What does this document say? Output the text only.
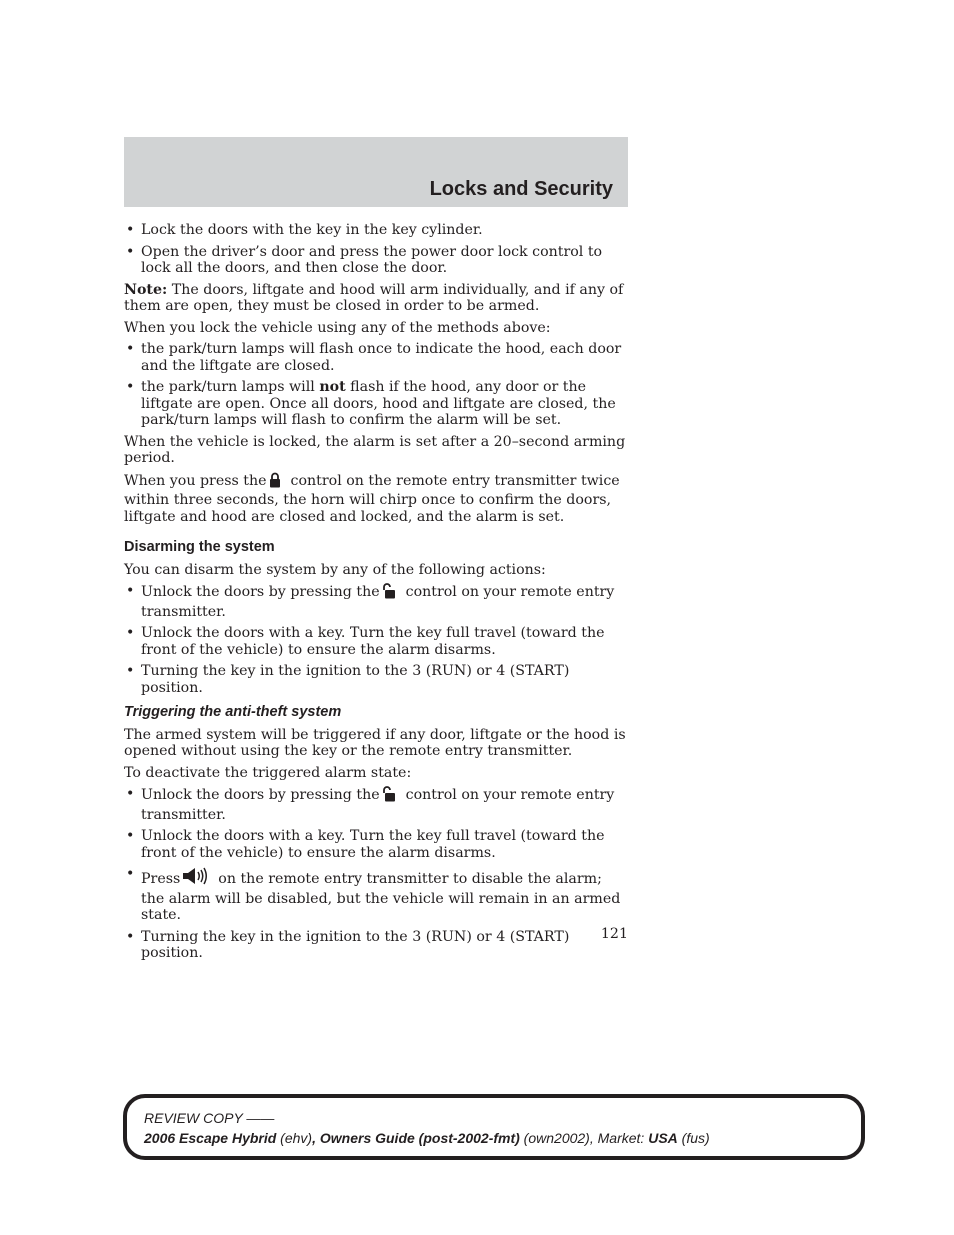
Locks and Security
• Lock the doors with the key in the key cylinder.
• Open the driver’s door and press the power door lock control to lock all the doors, and then close the door.

Note: The doors, liftgate and hood will arm individually, and if any of them are open, they must be closed in order to be armed.

When you lock the vehicle using any of the methods above:

• the park/turn lamps will flash once to indicate the hood, each door and the liftgate are closed.
• the park/turn lamps will not flash if the hood, any door or the liftgate are open. Once all doors, hood and liftgate are closed, the park/turn lamps will flash to confirm the alarm will be set.

When the vehicle is locked, the alarm is set after a 20–second arming period.

When you press the control on the remote entry transmitter twice within three seconds, the horn will chirp once to confirm the doors, liftgate and hood are closed and locked, and the alarm is set.

Disarming the system

You can disarm the system by any of the following actions:

• Unlock the doors by pressing the control on your remote entry transmitter.
• Unlock the doors with a key. Turn the key full travel (toward the front of the vehicle) to ensure the alarm disarms.
• Turning the key in the ignition to the 3 (RUN) or 4 (START) position.
Triggering the anti-theft system

The armed system will be triggered if any door, liftgate or the hood is opened without using the key or the remote entry transmitter.

To deactivate the triggered alarm state:

• Unlock the doors by pressing the control on your remote entry transmitter.
• Unlock the doors with a key. Turn the key full travel (toward the front of the vehicle) to ensure the alarm disarms.
• Press	on the remote entry transmitter to disable the alarm; the alarm will be disabled, but the vehicle will remain in an armed state.
• Turning the key in the ignition to the 3 (RUN) or 4 (START) position.
121
REVIEW COPY ——
2006 Escape Hybrid (ehv), Owners Guide (post-2002-fmt) (own2002), Market: USA (fus)
